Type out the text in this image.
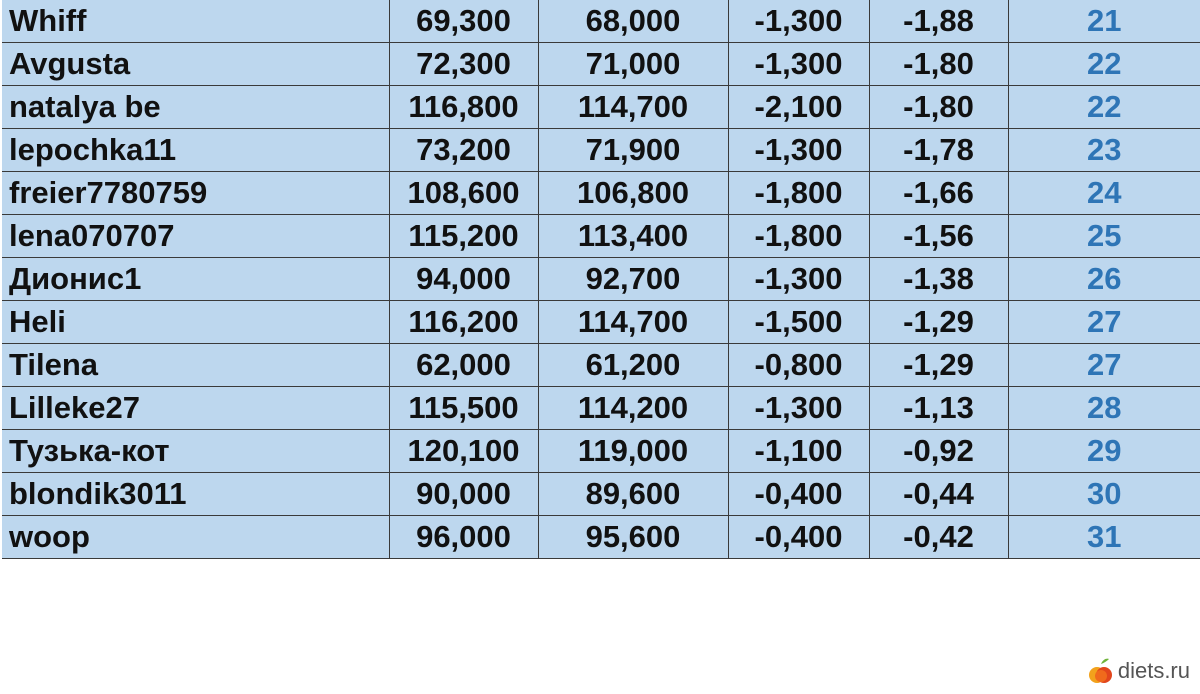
Whiff	69,300	68,000	-1,300	-1,88	21
Avgusta	72,300	71,000	-1,300	-1,80	22
natalya be	116,800	114,700	-2,100	-1,80	22
lepochka11	73,200	71,900	-1,300	-1,78	23
freier7780759	108,600	106,800	-1,800	-1,66	24
lena070707	115,200	113,400	-1,800	-1,56	25
Дионис1	94,000	92,700	-1,300	-1,38	26
Heli	116,200	114,700	-1,500	-1,29	27
Tilena	62,000	61,200	-0,800	-1,29	27
Lilleke27	115,500	114,200	-1,300	-1,13	28
Тузька-кот	120,100	119,000	-1,100	-0,92	29
blondik3011	90,000	89,600	-0,400	-0,44	30
woop	96,000	95,600	-0,400	-0,42	31
diets.ru
